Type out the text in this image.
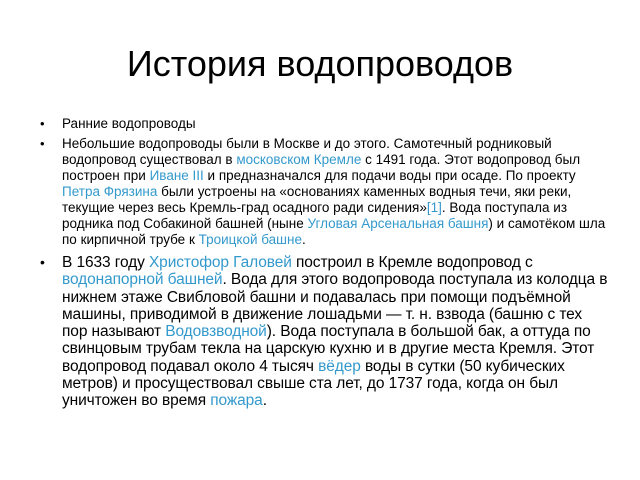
История водопроводов
• Ранние водопроводы
• Небольшие водопроводы были в Москве и до этого. Самотечный родниковый водопровод существовал в московском Кремле с 1491 года. Этот водопровод был построен при Иване III и предназначался для подачи воды при осаде. По проекту Петра Фрязина были устроены на «основаниях каменных водныя течи, яки реки, текущие через весь Кремль-град осадного ради сидения»[1]. Вода поступала из родника под Собакиной башней (ныне Угловая Арсенальная башня) и самотёком шла по кирпичной трубе к Троицкой башне.
• В 1633 году Христофор Галовей построил в Кремле водопровод с водонапорной башней. Вода для этого водопровода поступала из колодца в нижнем этаже Свибловой башни и подавалась при помощи подъёмной машины, приводимой в движение лошадьми — т. н. взвода (башню с тех пор называют Водовзводной). Вода поступала в большой бак, а оттуда по свинцовым трубам текла на царскую кухню и в другие места Кремля. Этот водопровод подавал около 4 тысяч вёдер воды в сутки (50 кубических метров) и просуществовал свыше ста лет, до 1737 года, когда он был уничтожен во время пожара.
